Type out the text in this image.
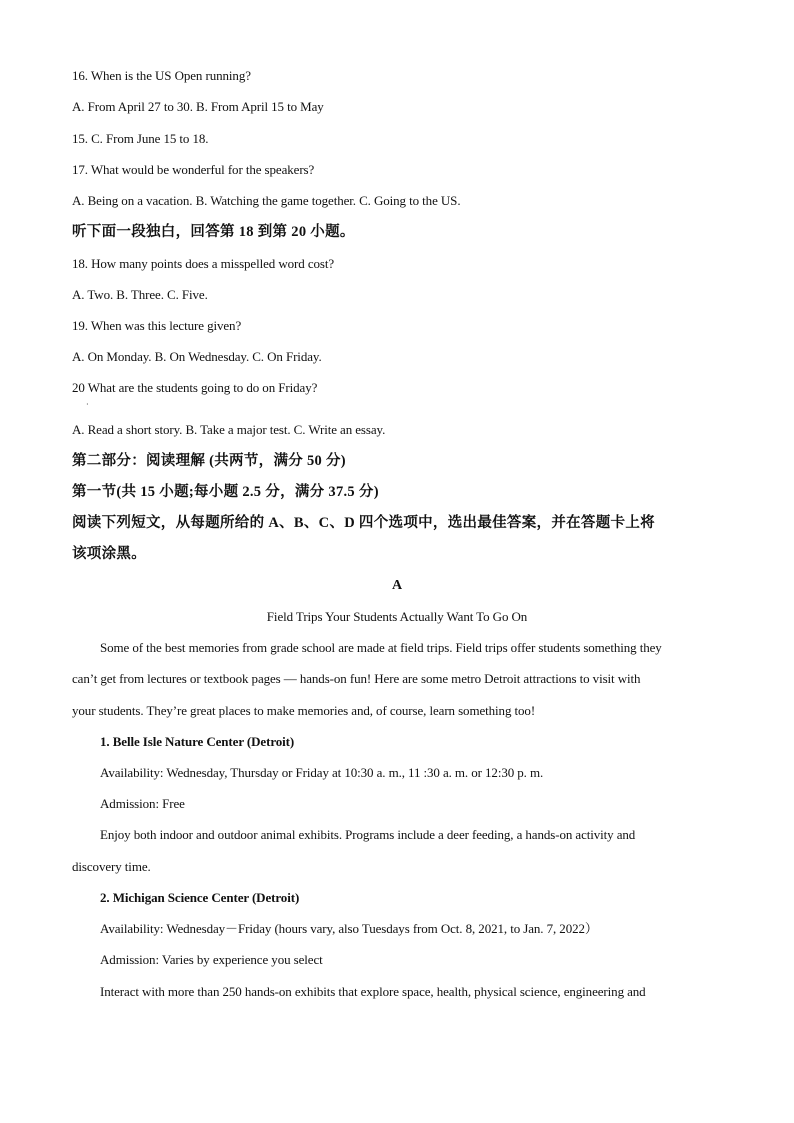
16. When is the US Open running?
A. From April 27 to 30. B. From April 15 to May
15. C. From June 15 to 18.
17. What would be wonderful for the speakers?
A. Being on a vacation. B. Watching the game together. C. Going to the US.
听下面一段独白，回答第 18 到第 20 小题。
18. How many points does a misspelled word cost?
A. Two. B. Three. C. Five.
19. When was this lecture given?
A. On Monday. B. On Wednesday. C. On Friday.
20 What are the students going to do on Friday?
·
A. Read a short story. B. Take a major test. C. Write an essay.
第二部分：阅读理解 (共两节，满分 50 分)
第一节(共 15 小题;每小题 2.5 分，满分 37.5 分)
阅读下列短文，从每题所给的 A、B、C、D 四个选项中，选出最佳答案，并在答题卡上将
该项涂黑。
A
Field Trips Your Students Actually Want To Go On
Some of the best memories from grade school are made at field trips. Field trips offer students something they
can’t get from lectures or textbook pages — hands-on fun! Here are some metro Detroit attractions to visit with
your students. They’re great places to make memories and, of course, learn something too!
1. Belle Isle Nature Center (Detroit)
Availability: Wednesday, Thursday or Friday at 10:30 a. m., 11 :30 a. m. or 12:30 p. m.
Admission: Free
Enjoy both indoor and outdoor animal exhibits. Programs include a deer feeding, a hands-on activity and
discovery time.
2. Michigan Science Center (Detroit)
Availability: Wednesday－Friday (hours vary, also Tuesdays from Oct. 8, 2021, to Jan. 7, 2022）
Admission: Varies by experience you select
Interact with more than 250 hands-on exhibits that explore space, health, physical science, engineering and
